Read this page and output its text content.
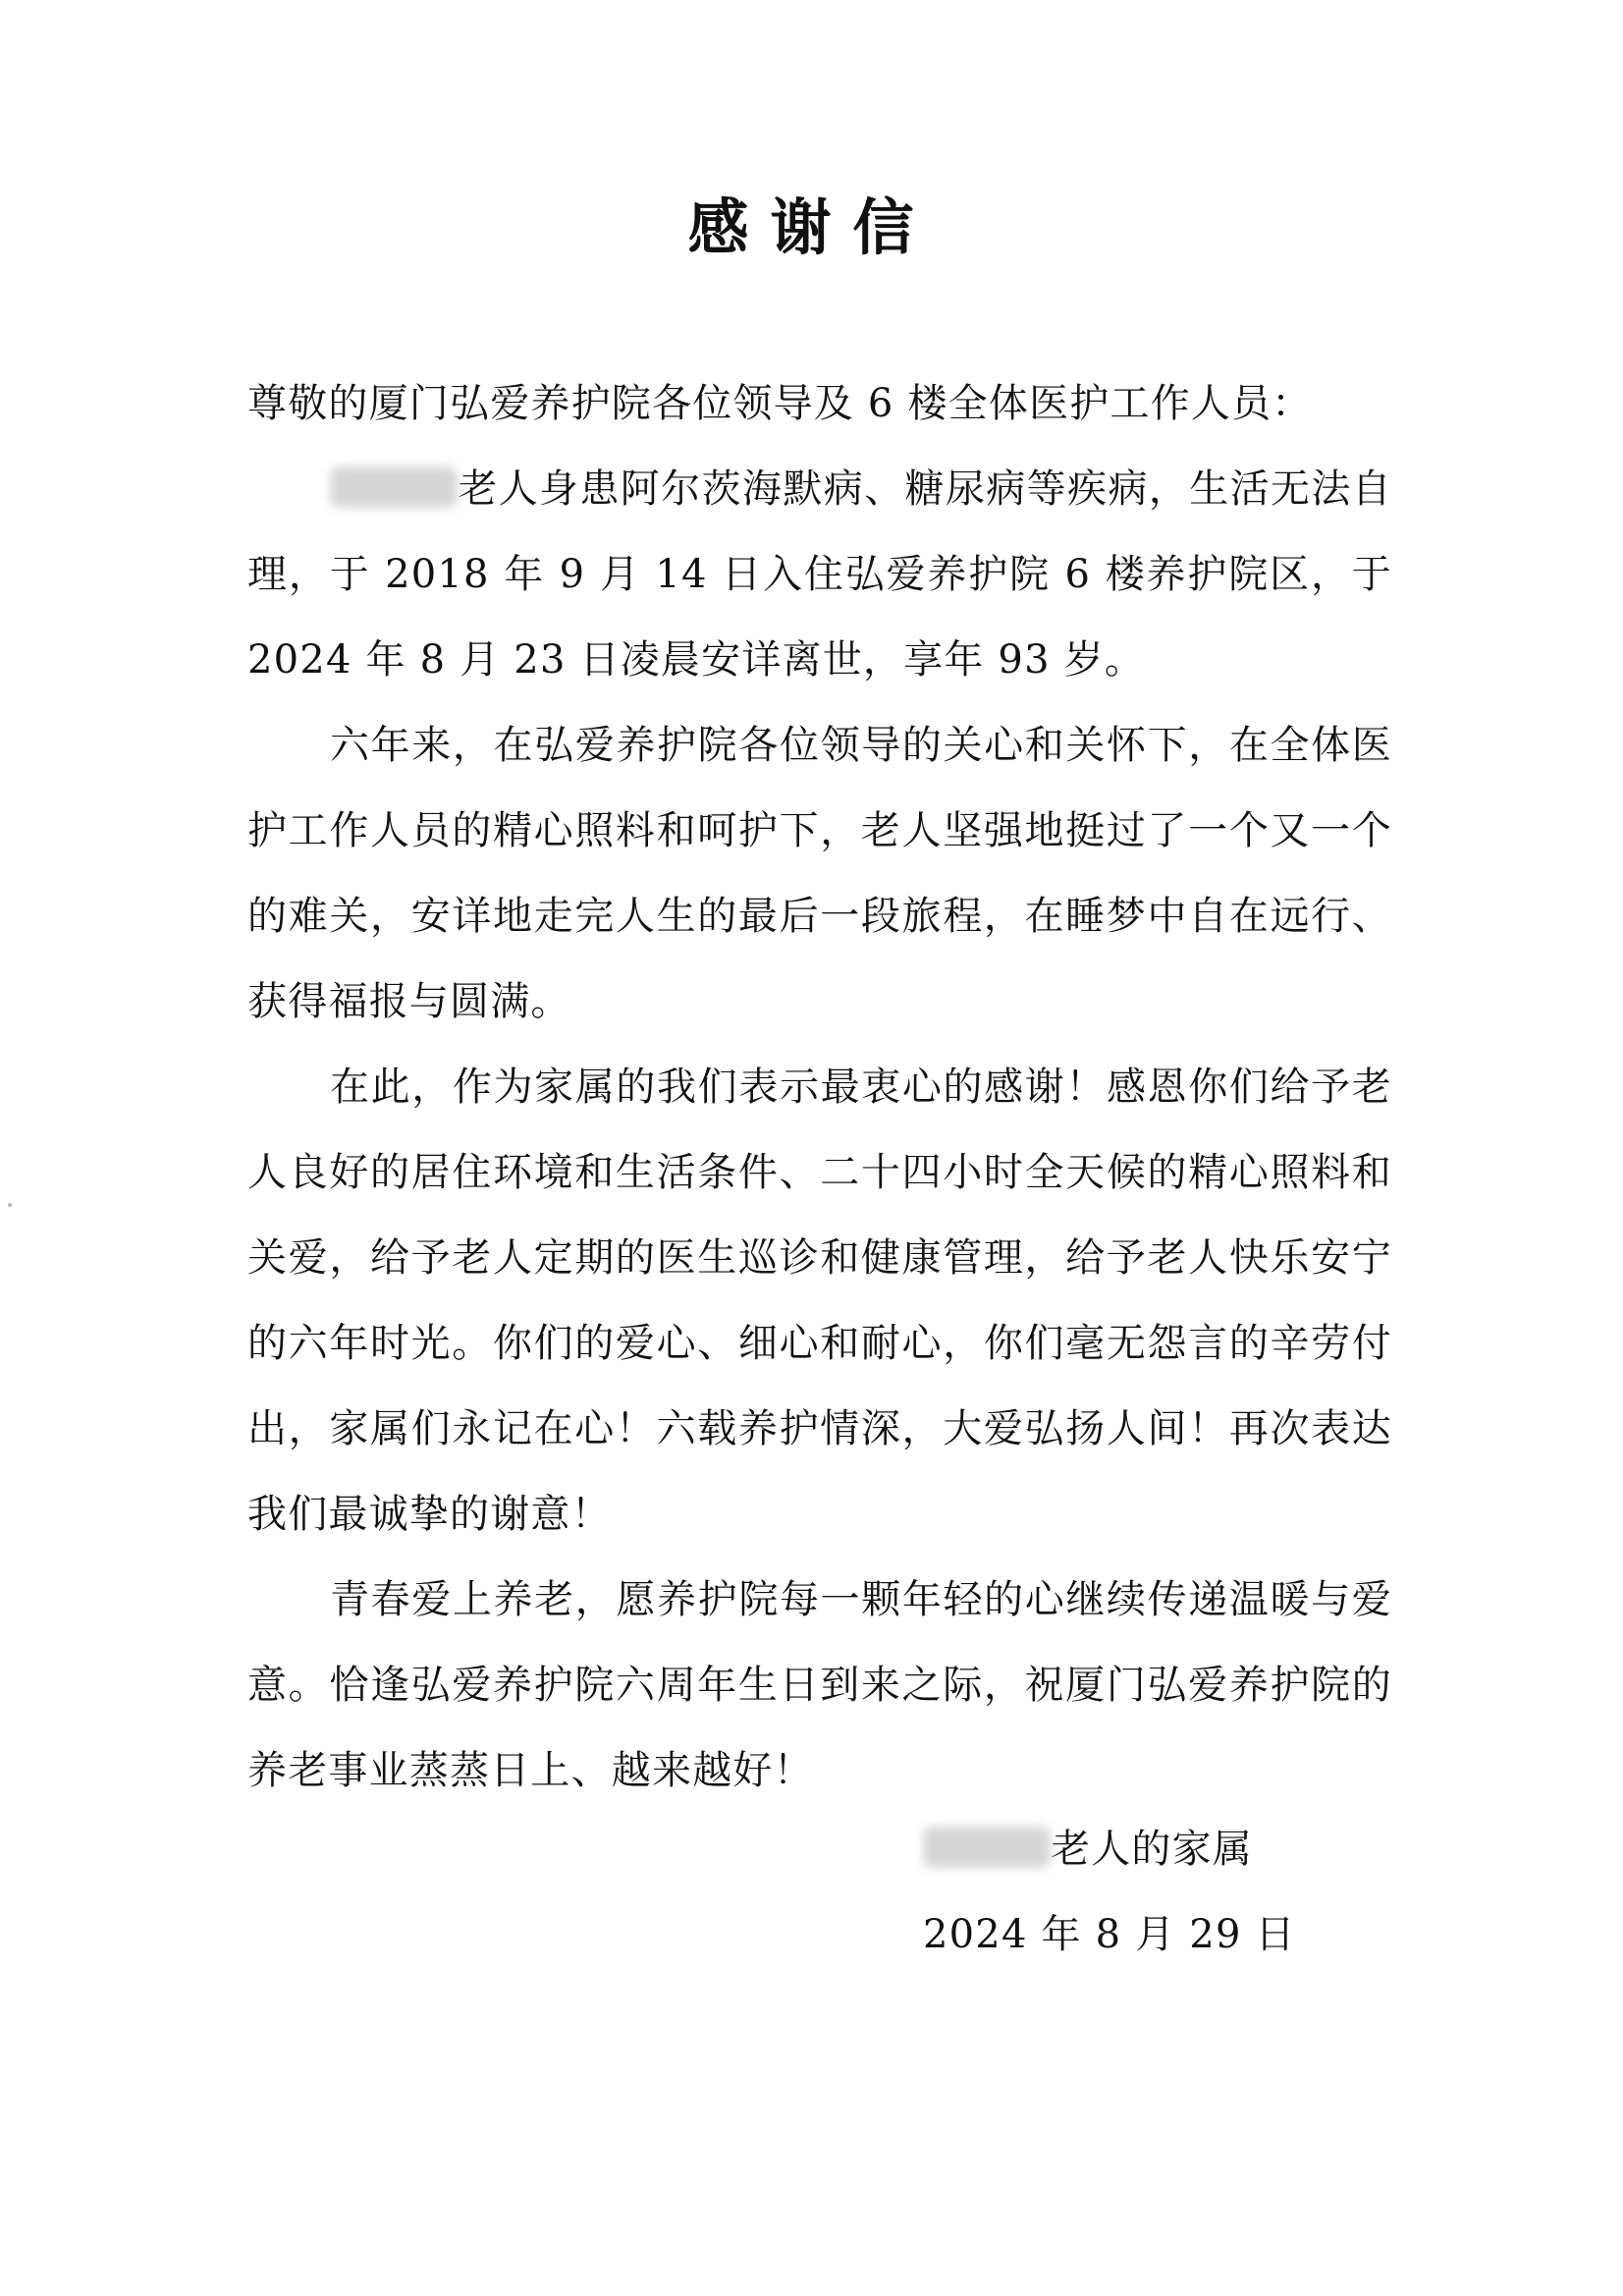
感谢信

尊敬的厦门弘爱养护院各位领导及 6 楼全体医护工作人员：

老人身患阿尔茨海默病、糖尿病等疾病，生活无法自理，于 2018 年 9 月 14 日入住弘爱养护院 6 楼养护院区，于 2024 年 8 月 23 日凌晨安详离世，享年 93 岁。

六年来，在弘爱养护院各位领导的关心和关怀下，在全体医护工作人员的精心照料和呵护下，老人坚强地挺过了一个又一个的难关，安详地走完人生的最后一段旅程，在睡梦中自在远行、获得福报与圆满。

在此，作为家属的我们表示最衷心的感谢！感恩你们给予老人良好的居住环境和生活条件、二十四小时全天候的精心照料和关爱，给予老人定期的医生巡诊和健康管理，给予老人快乐安宁的六年时光。你们的爱心、细心和耐心，你们毫无怨言的辛劳付出，家属们永记在心！六载养护情深，大爱弘扬人间！再次表达我们最诚挚的谢意！

青春爱上养老，愿养护院每一颗年轻的心继续传递温暖与爱意。恰逢弘爱养护院六周年生日到来之际，祝厦门弘爱养护院的养老事业蒸蒸日上、越来越好！

老人的家属

2024 年 8 月 29 日
